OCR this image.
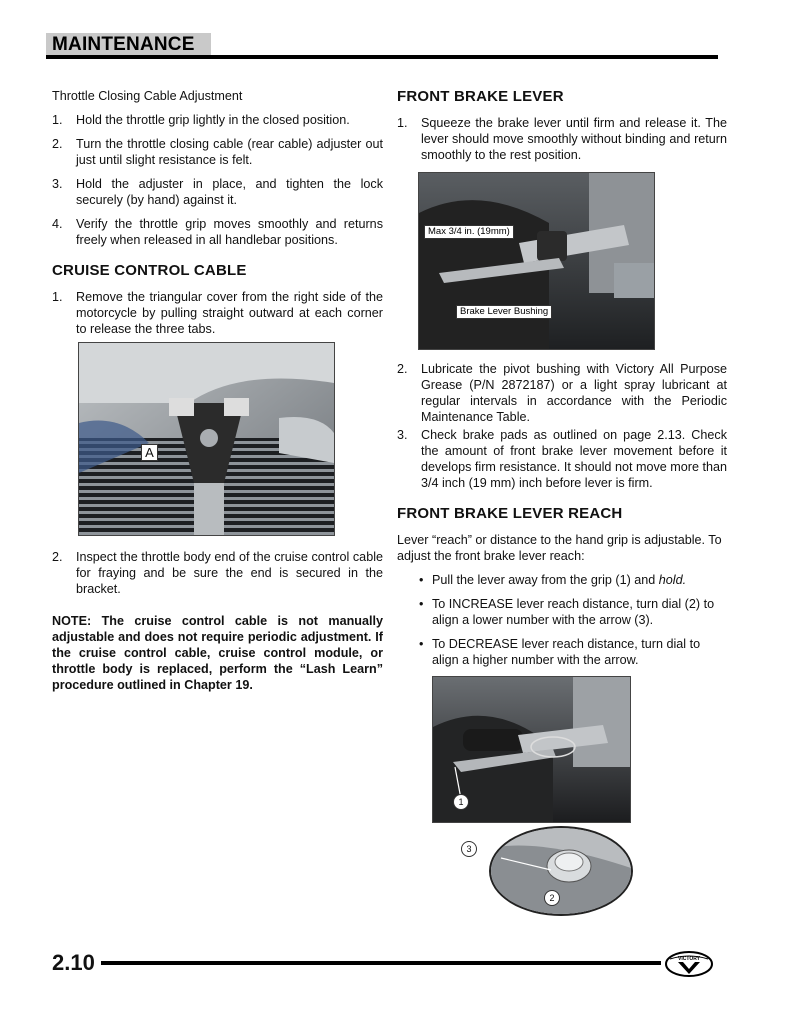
MAINTENANCE

Throttle Closing Cable Adjustment

1.	Hold the throttle grip lightly in the closed position.
2.	Turn the throttle closing cable (rear cable) adjuster out just until slight resistance is felt.
3.	Hold the adjuster in place, and tighten the lock securely (by hand) against it.
4.	Verify the throttle grip moves smoothly and returns freely when released in all handlebar positions.
CRUISE CONTROL CABLE
1.	Remove the triangular cover from the right side of the motorcycle by pulling straight outward at each corner to release the three tabs.
A
2.	Inspect the throttle body end of the cruise control cable for fraying and be sure the end is secured in the bracket.

NOTE: The cruise control cable is not manually adjustable and does not require periodic adjustment. If the cruise control cable, cruise control module, or throttle body is replaced, perform the “Lash Learn” procedure outlined in Chapter 19.

FRONT BRAKE LEVER
1.	Squeeze the brake lever until firm and release it. The lever should move smoothly without binding and return smoothly to the rest position.
Max 3/4 in. (19mm)
Brake Lever Bushing
2.	Lubricate the pivot bushing with Victory All Purpose Grease (P/N 2872187) or a light spray lubricant at regular intervals in accordance with the Periodic Maintenance Table.
3.	Check brake pads as outlined on page 2.13. Check the amount of front brake lever movement before it develops firm resistance. It should not move more than 3/4 inch (19 mm) inch before lever is firm.
FRONT BRAKE LEVER REACH

Lever “reach” or distance to the hand grip is adjustable. To adjust the front brake lever reach:

• Pull the lever away from the grip (1) and hold.
• To INCREASE lever reach distance, turn dial (2) to align a lower number with the arrow (3).
• To DECREASE lever reach distance, turn dial to align a higher number with the arrow.
1
3
2
2.10	VICTORY
